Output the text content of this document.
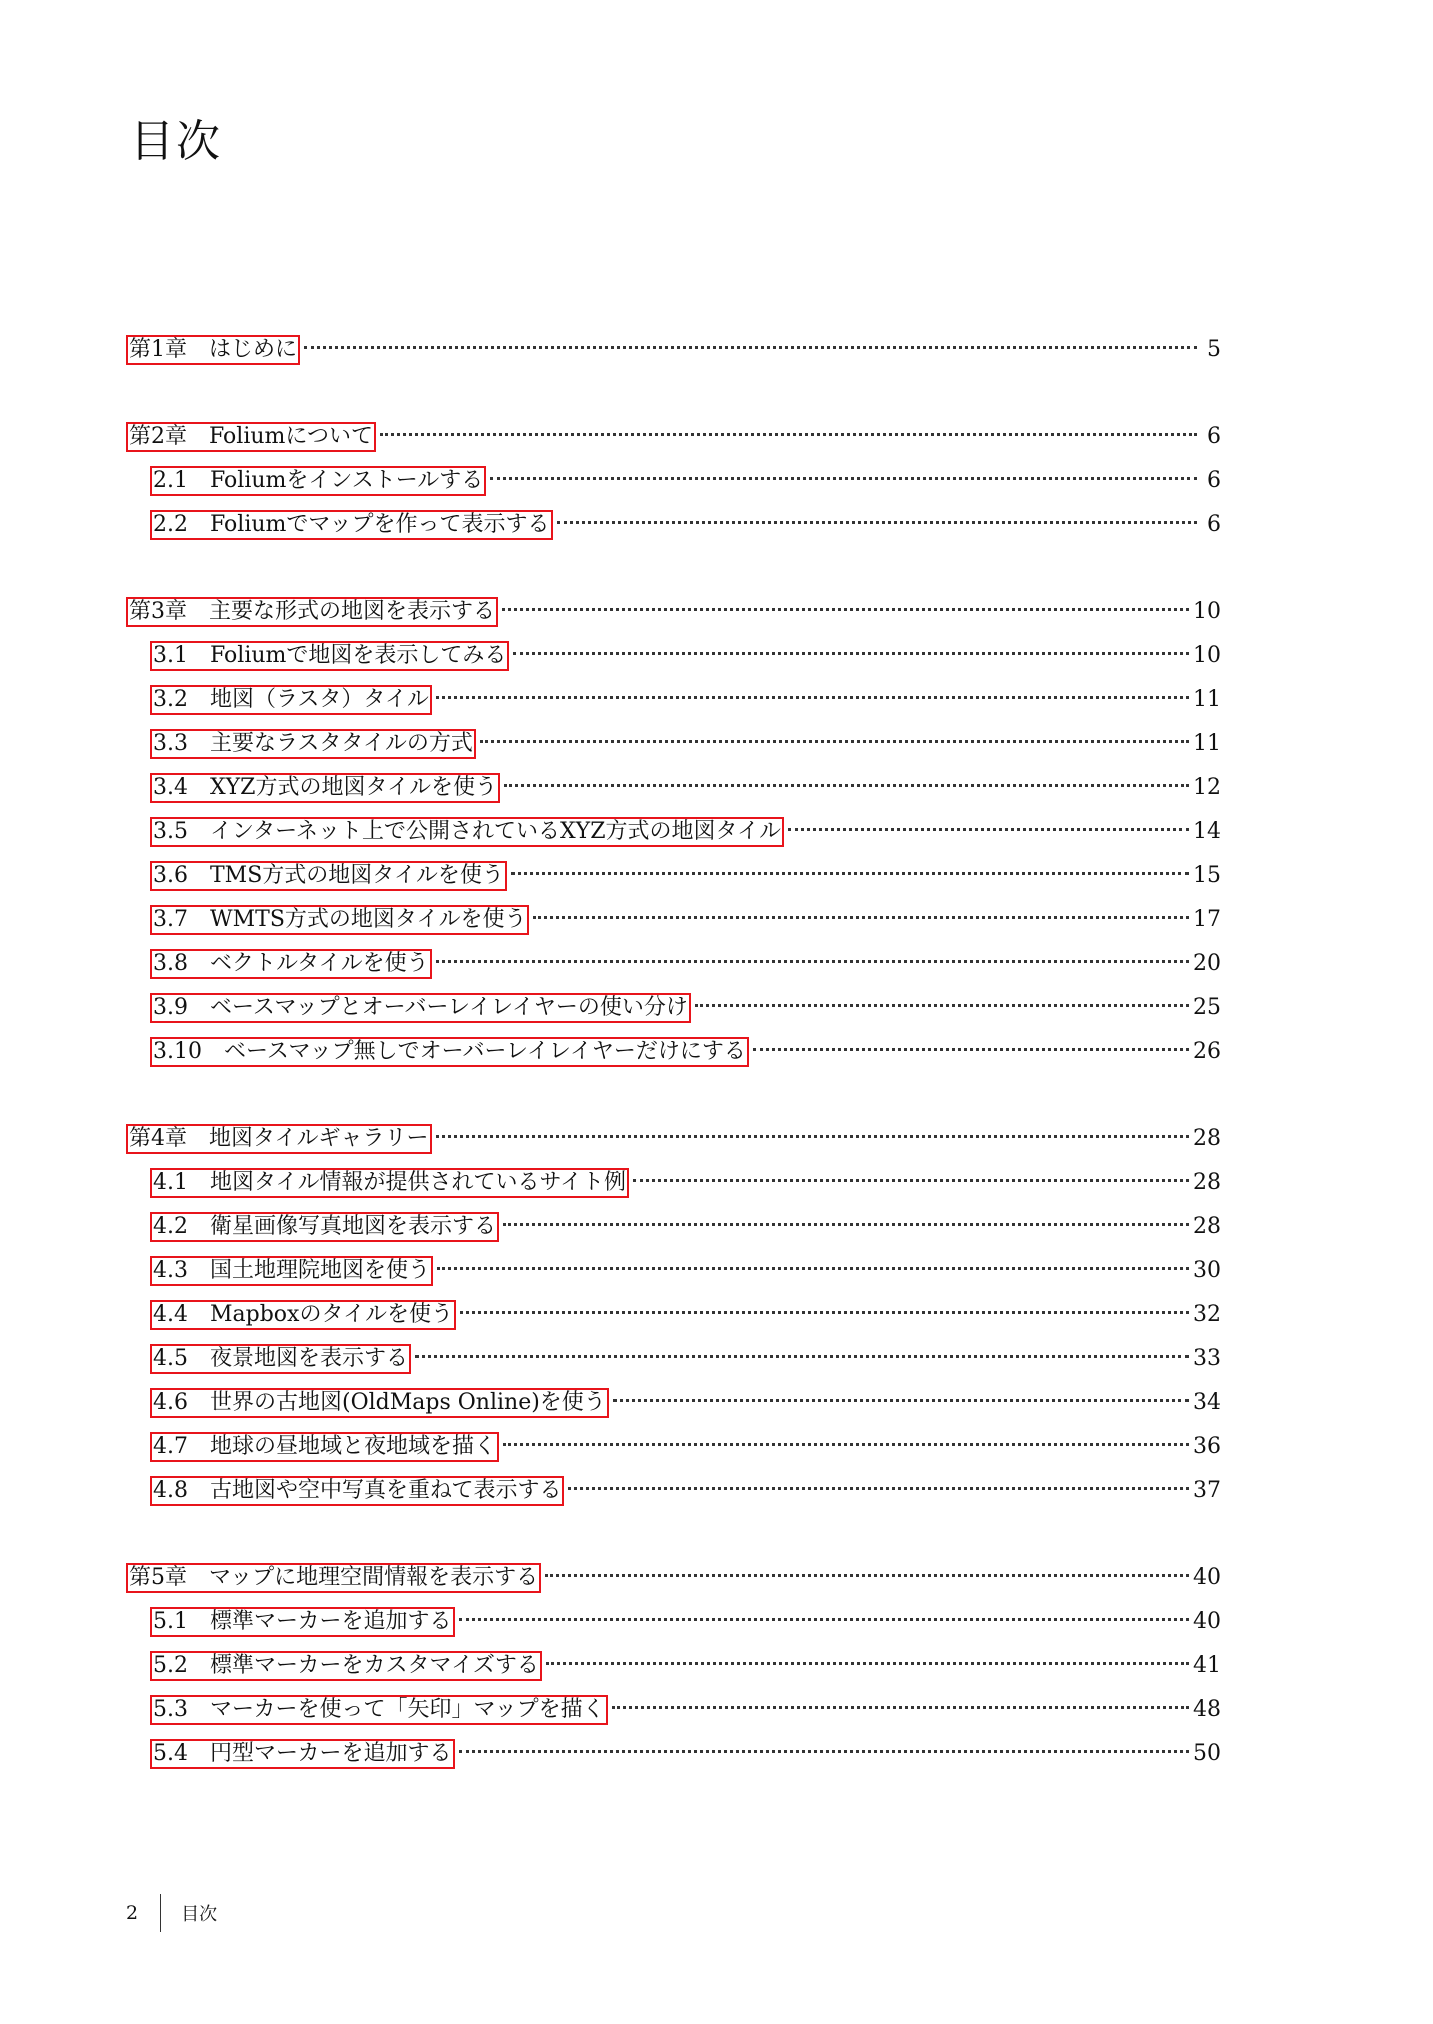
目次
第1章 はじめに	5
第2章 Foliumについて	6
2.1 Foliumをインストールする	6
2.2 Foliumでマップを作って表示する	6
第3章 主要な形式の地図を表示する	10
3.1 Foliumで地図を表示してみる	10
3.2 地図（ラスタ）タイル	11
3.3 主要なラスタタイルの方式	11
3.4 XYZ方式の地図タイルを使う	12
3.5 インターネット上で公開されているXYZ方式の地図タイル	14
3.6 TMS方式の地図タイルを使う	15
3.7 WMTS方式の地図タイルを使う	17
3.8 ベクトルタイルを使う	20
3.9 ベースマップとオーバーレイレイヤーの使い分け	25
3.10 ベースマップ無しでオーバーレイレイヤーだけにする	26
第4章 地図タイルギャラリー	28
4.1 地図タイル情報が提供されているサイト例	28
4.2 衛星画像写真地図を表示する	28
4.3 国土地理院地図を使う	30
4.4 Mapboxのタイルを使う	32
4.5 夜景地図を表示する	33
4.6 世界の古地図(OldMaps Online)を使う	34
4.7 地球の昼地域と夜地域を描く	36
4.8 古地図や空中写真を重ねて表示する	37
第5章 マップに地理空間情報を表示する	40
5.1 標準マーカーを追加する	40
5.2 標準マーカーをカスタマイズする	41
5.3 マーカーを使って「矢印」マップを描く	48
5.4 円型マーカーを追加する	50
2 目次
